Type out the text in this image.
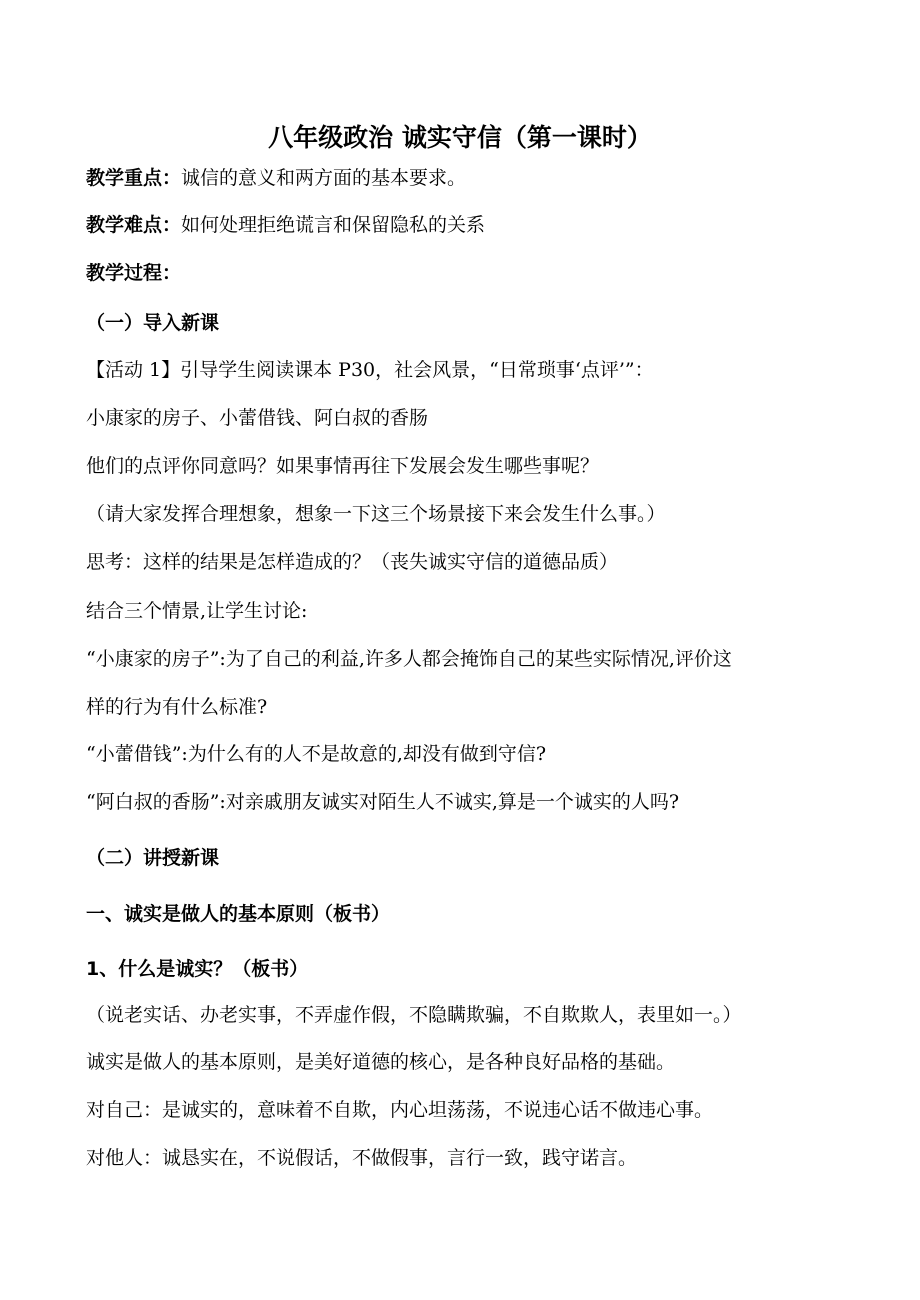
八年级政治 诚实守信（第一课时）
教学重点：诚信的意义和两方面的基本要求。
教学难点：如何处理拒绝谎言和保留隐私的关系
教学过程：
（一）导入新课
【活动 1】引导学生阅读课本 P30，社会风景，“日常琐事‘点评’”：
小康家的房子、小蕾借钱、阿白叔的香肠
他们的点评你同意吗？如果事情再往下发展会发生哪些事呢？
（请大家发挥合理想象，想象一下这三个场景接下来会发生什么事。）
思考：这样的结果是怎样造成的？（丧失诚实守信的道德品质）
结合三个情景,让学生讨论:
“小康家的房子”:为了自己的利益,许多人都会掩饰自己的某些实际情况,评价这
样的行为有什么标准?
“小蕾借钱”:为什么有的人不是故意的,却没有做到守信?
“阿白叔的香肠”:对亲戚朋友诚实对陌生人不诚实,算是一个诚实的人吗?
（二）讲授新课
一、诚实是做人的基本原则（板书）
1、什么是诚实？（板书）
（说老实话、办老实事，不弄虚作假，不隐瞒欺骗，不自欺欺人，表里如一。）
诚实是做人的基本原则，是美好道德的核心，是各种良好品格的基础。
对自己：是诚实的，意味着不自欺，内心坦荡荡，不说违心话不做违心事。
对他人：诚恳实在，不说假话，不做假事，言行一致，践守诺言。
